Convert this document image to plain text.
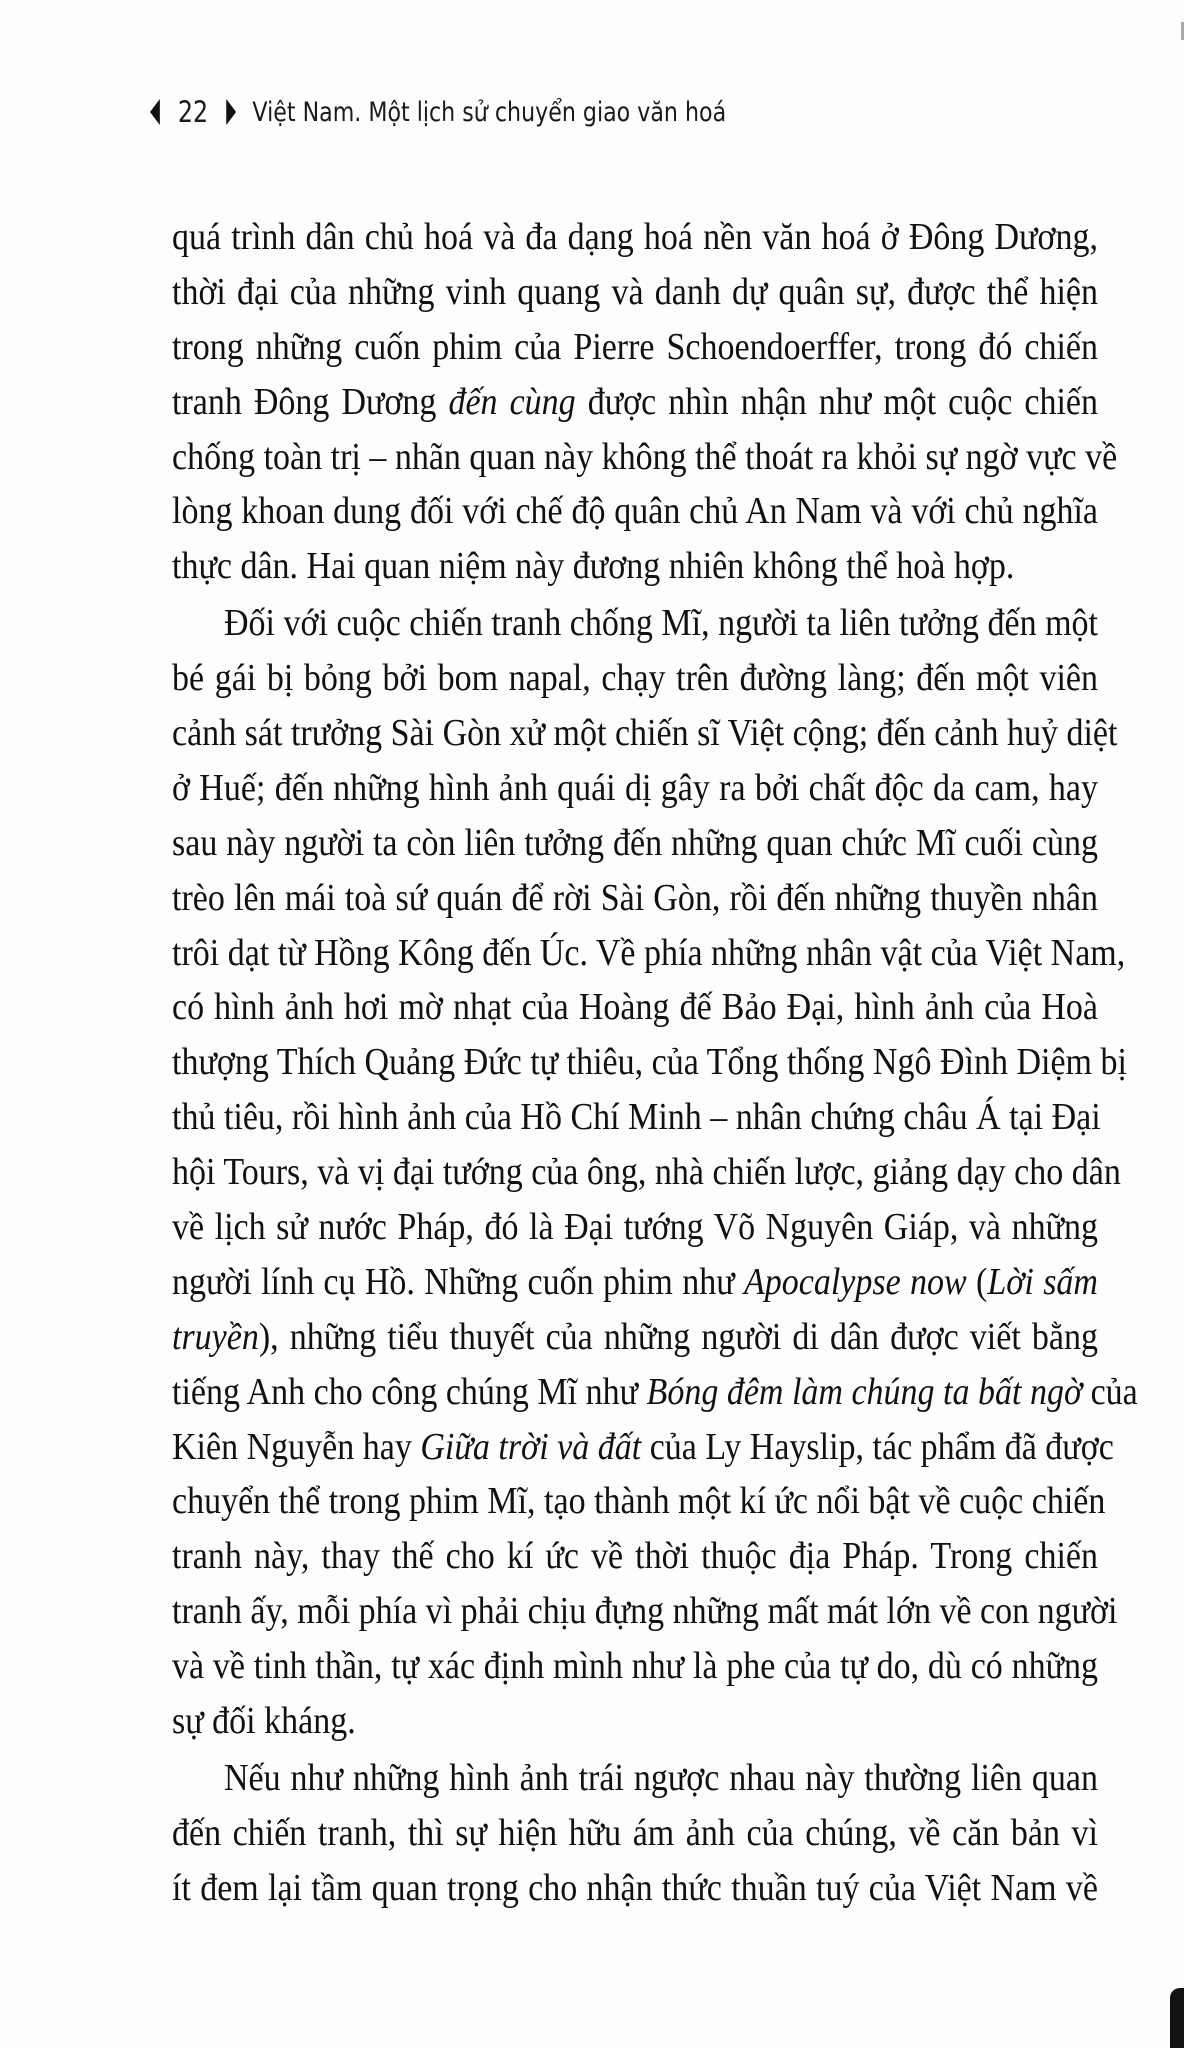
22 Việt Nam. Một lịch sử chuyển giao văn hoá
quá trình dân chủ hoá và đa dạng hoá nền văn hoá ở Đông Dương,
thời đại của những vinh quang và danh dự quân sự, được thể hiện
trong những cuốn phim của Pierre Schoendoerffer, trong đó chiến
tranh Đông Dương đến cùng được nhìn nhận như một cuộc chiến
chống toàn trị – nhãn quan này không thể thoát ra khỏi sự ngờ vực về
lòng khoan dung đối với chế độ quân chủ An Nam và với chủ nghĩa
thực dân. Hai quan niệm này đương nhiên không thể hoà hợp.
Đối với cuộc chiến tranh chống Mĩ, người ta liên tưởng đến một
bé gái bị bỏng bởi bom napal, chạy trên đường làng; đến một viên
cảnh sát trưởng Sài Gòn xử một chiến sĩ Việt cộng; đến cảnh huỷ diệt
ở Huế; đến những hình ảnh quái dị gây ra bởi chất độc da cam, hay
sau này người ta còn liên tưởng đến những quan chức Mĩ cuối cùng
trèo lên mái toà sứ quán để rời Sài Gòn, rồi đến những thuyền nhân
trôi dạt từ Hồng Kông đến Úc. Về phía những nhân vật của Việt Nam,
có hình ảnh hơi mờ nhạt của Hoàng đế Bảo Đại, hình ảnh của Hoà
thượng Thích Quảng Đức tự thiêu, của Tổng thống Ngô Đình Diệm bị
thủ tiêu, rồi hình ảnh của Hồ Chí Minh – nhân chứng châu Á tại Đại
hội Tours, và vị đại tướng của ông, nhà chiến lược, giảng dạy cho dân
về lịch sử nước Pháp, đó là Đại tướng Võ Nguyên Giáp, và những
người lính cụ Hồ. Những cuốn phim như Apocalypse now (Lời sấm
truyền), những tiểu thuyết của những người di dân được viết bằng
tiếng Anh cho công chúng Mĩ như Bóng đêm làm chúng ta bất ngờ của
Kiên Nguyễn hay Giữa trời và đất của Ly Hayslip, tác phẩm đã được
chuyển thể trong phim Mĩ, tạo thành một kí ức nổi bật về cuộc chiến
tranh này, thay thế cho kí ức về thời thuộc địa Pháp. Trong chiến
tranh ấy, mỗi phía vì phải chịu đựng những mất mát lớn về con người
và về tinh thần, tự xác định mình như là phe của tự do, dù có những
sự đối kháng.
Nếu như những hình ảnh trái ngược nhau này thường liên quan
đến chiến tranh, thì sự hiện hữu ám ảnh của chúng, về căn bản vì
ít đem lại tầm quan trọng cho nhận thức thuần tuý của Việt Nam về
